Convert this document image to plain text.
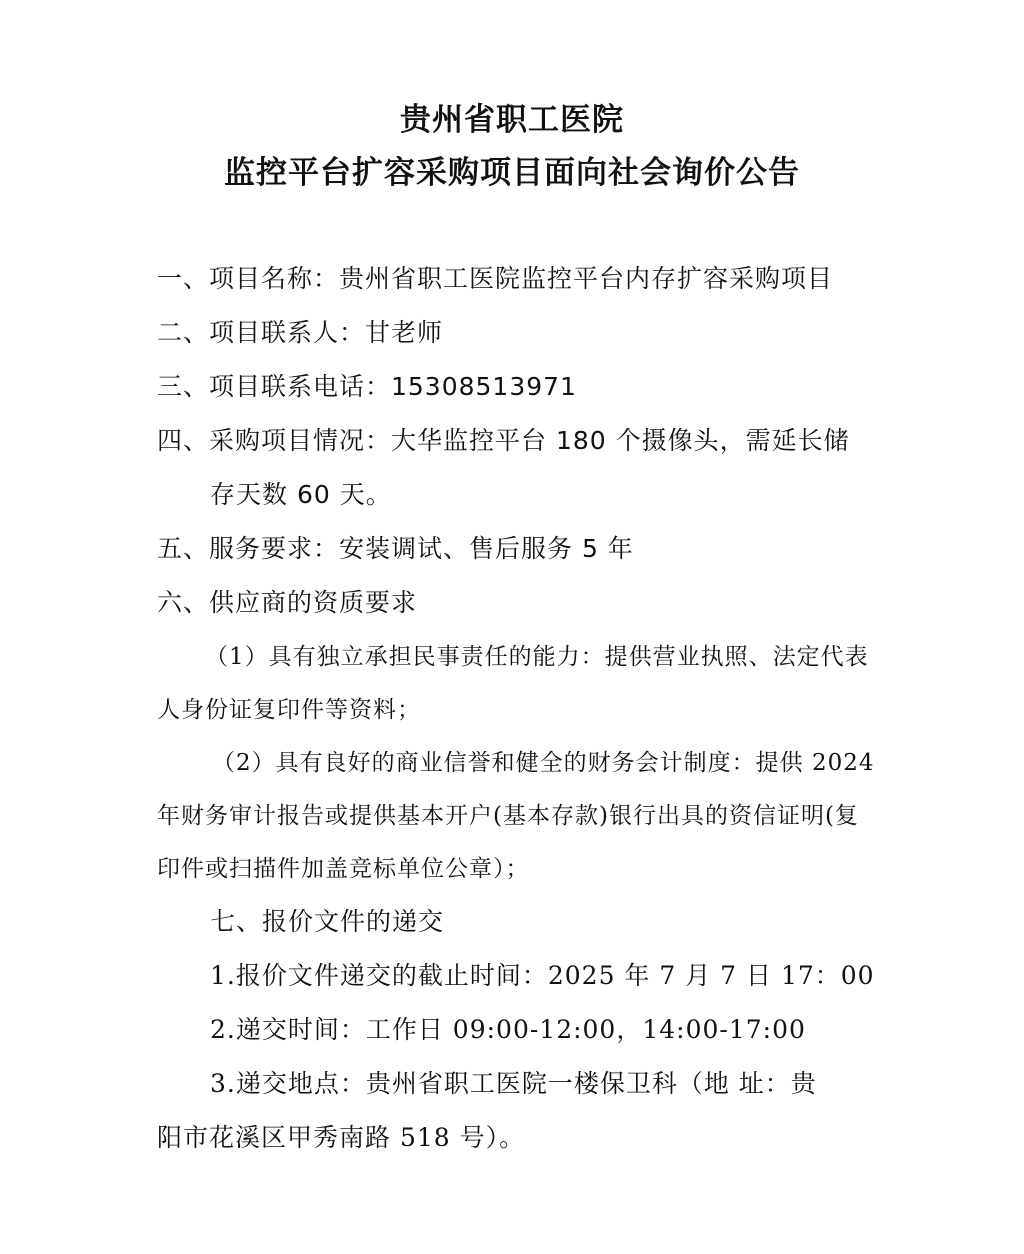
贵州省职工医院
监控平台扩容采购项目面向社会询价公告
一、项目名称：贵州省职工医院监控平台内存扩容采购项目
二、项目联系人：甘老师
三、项目联系电话：15308513971
四、采购项目情况：大华监控平台 180 个摄像头，需延长储
存天数 60 天。
五、服务要求：安装调试、售后服务 5 年
六、供应商的资质要求
（1）具有独立承担民事责任的能力：提供营业执照、法定代表
人身份证复印件等资料；
（2）具有良好的商业信誉和健全的财务会计制度：提供 2024
年财务审计报告或提供基本开户(基本存款)银行出具的资信证明(复
印件或扫描件加盖竞标单位公章）；
七、报价文件的递交
1.报价文件递交的截止时间：2025 年 7 月 7 日 17：00
2.递交时间：工作日 09:00-12:00，14:00-17:00
3.递交地点：贵州省职工医院一楼保卫科（地 址：贵
阳市花溪区甲秀南路 518 号）。
